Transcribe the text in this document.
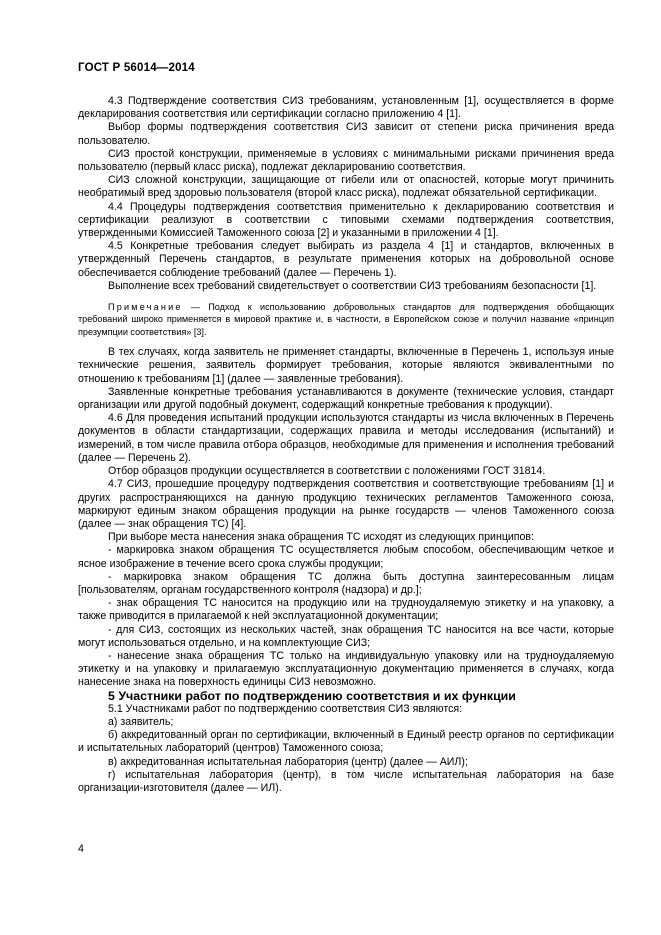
ГОСТ Р 56014—2014

4.3 Подтверждение соответствия СИЗ требованиям, установленным [1], осуществляется в форме декларирования соответствия или сертификации согласно приложению 4 [1].

Выбор формы подтверждения соответствия СИЗ зависит от степени риска причинения вреда пользователю.

СИЗ простой конструкции, применяемые в условиях с минимальными рисками причинения вреда пользователю (первый класс риска), подлежат декларированию соответствия.

СИЗ сложной конструкции, защищающие от гибели или от опасностей, которые могут причинить необратимый вред здоровью пользователя (второй класс риска), подлежат обязательной сертификации.

4.4 Процедуры подтверждения соответствия применительно к декларированию соответствия и сертификации реализуют в соответствии с типовыми схемами подтверждения соответствия, утвержденными Комиссией Таможенного союза [2] и указанными в приложении 4 [1].

4.5 Конкретные требования следует выбирать из раздела 4 [1] и стандартов, включенных в утвержденный Перечень стандартов, в результате применения которых на добровольной основе обеспечивается соблюдение требований (далее — Перечень 1).

Выполнение всех требований свидетельствует о соответствии СИЗ требованиям безопасности [1].

Примечание — Подход к использованию добровольных стандартов для подтверждения обобщающих требований широко применяется в мировой практике и, в частности, в Европейском союзе и получил название «принцип презумпции соответствия» [3].

В тех случаях, когда заявитель не применяет стандарты, включенные в Перечень 1, используя иные технические решения, заявитель формирует требования, которые являются эквивалентными по отношению к требованиям [1] (далее — заявленные требования).

Заявленные конкретные требования устанавливаются в документе (технические условия, стандарт организации или другой подобный документ, содержащий конкретные требования к продукции).

4.6 Для проведения испытаний продукции используются стандарты из числа включенных в Перечень документов в области стандартизации, содержащих правила и методы исследования (испытаний) и измерений, в том числе правила отбора образцов, необходимые для применения и исполнения требований (далее — Перечень 2).

Отбор образцов продукции осуществляется в соответствии с положениями ГОСТ 31814.

4.7 СИЗ, прошедшие процедуру подтверждения соответствия и соответствующие требованиям [1] и других распространяющихся на данную продукцию технических регламентов Таможенного союза, маркируют единым знаком обращения продукции на рынке государств — членов Таможенного союза (далее — знак обращения ТС) [4].

При выборе места нанесения знака обращения ТС исходят из следующих принципов:

- маркировка знаком обращения ТС осуществляется любым способом, обеспечивающим четкое и ясное изображение в течение всего срока службы продукции;

- маркировка знаком обращения ТС должна быть доступна заинтересованным лицам [пользователям, органам государственного контроля (надзора) и др.];

- знак обращения ТС наносится на продукцию или на трудноудаляемую этикетку и на упаковку, а также приводится в прилагаемой к ней эксплуатационной документации;

- для СИЗ, состоящих из нескольких частей, знак обращения ТС наносится на все части, которые могут использоваться отдельно, и на комплектующие СИЗ;

- нанесение знака обращения ТС только на индивидуальную упаковку или на трудноудаляемую этикетку и на упаковку и прилагаемую эксплуатационную документацию применяется в случаях, когда нанесение знака на поверхность единицы СИЗ невозможно.

5 Участники работ по подтверждению соответствия и их функции

5.1 Участниками работ по подтверждению соответствия СИЗ являются:

а) заявитель;

б) аккредитованный орган по сертификации, включенный в Единый реестр органов по сертификации и испытательных лабораторий (центров) Таможенного союза;

в) аккредитованная испытательная лаборатория (центр) (далее — АИЛ);

г) испытательная лаборатория (центр), в том числе испытательная лаборатория на базе организации-изготовителя (далее — ИЛ).

4
